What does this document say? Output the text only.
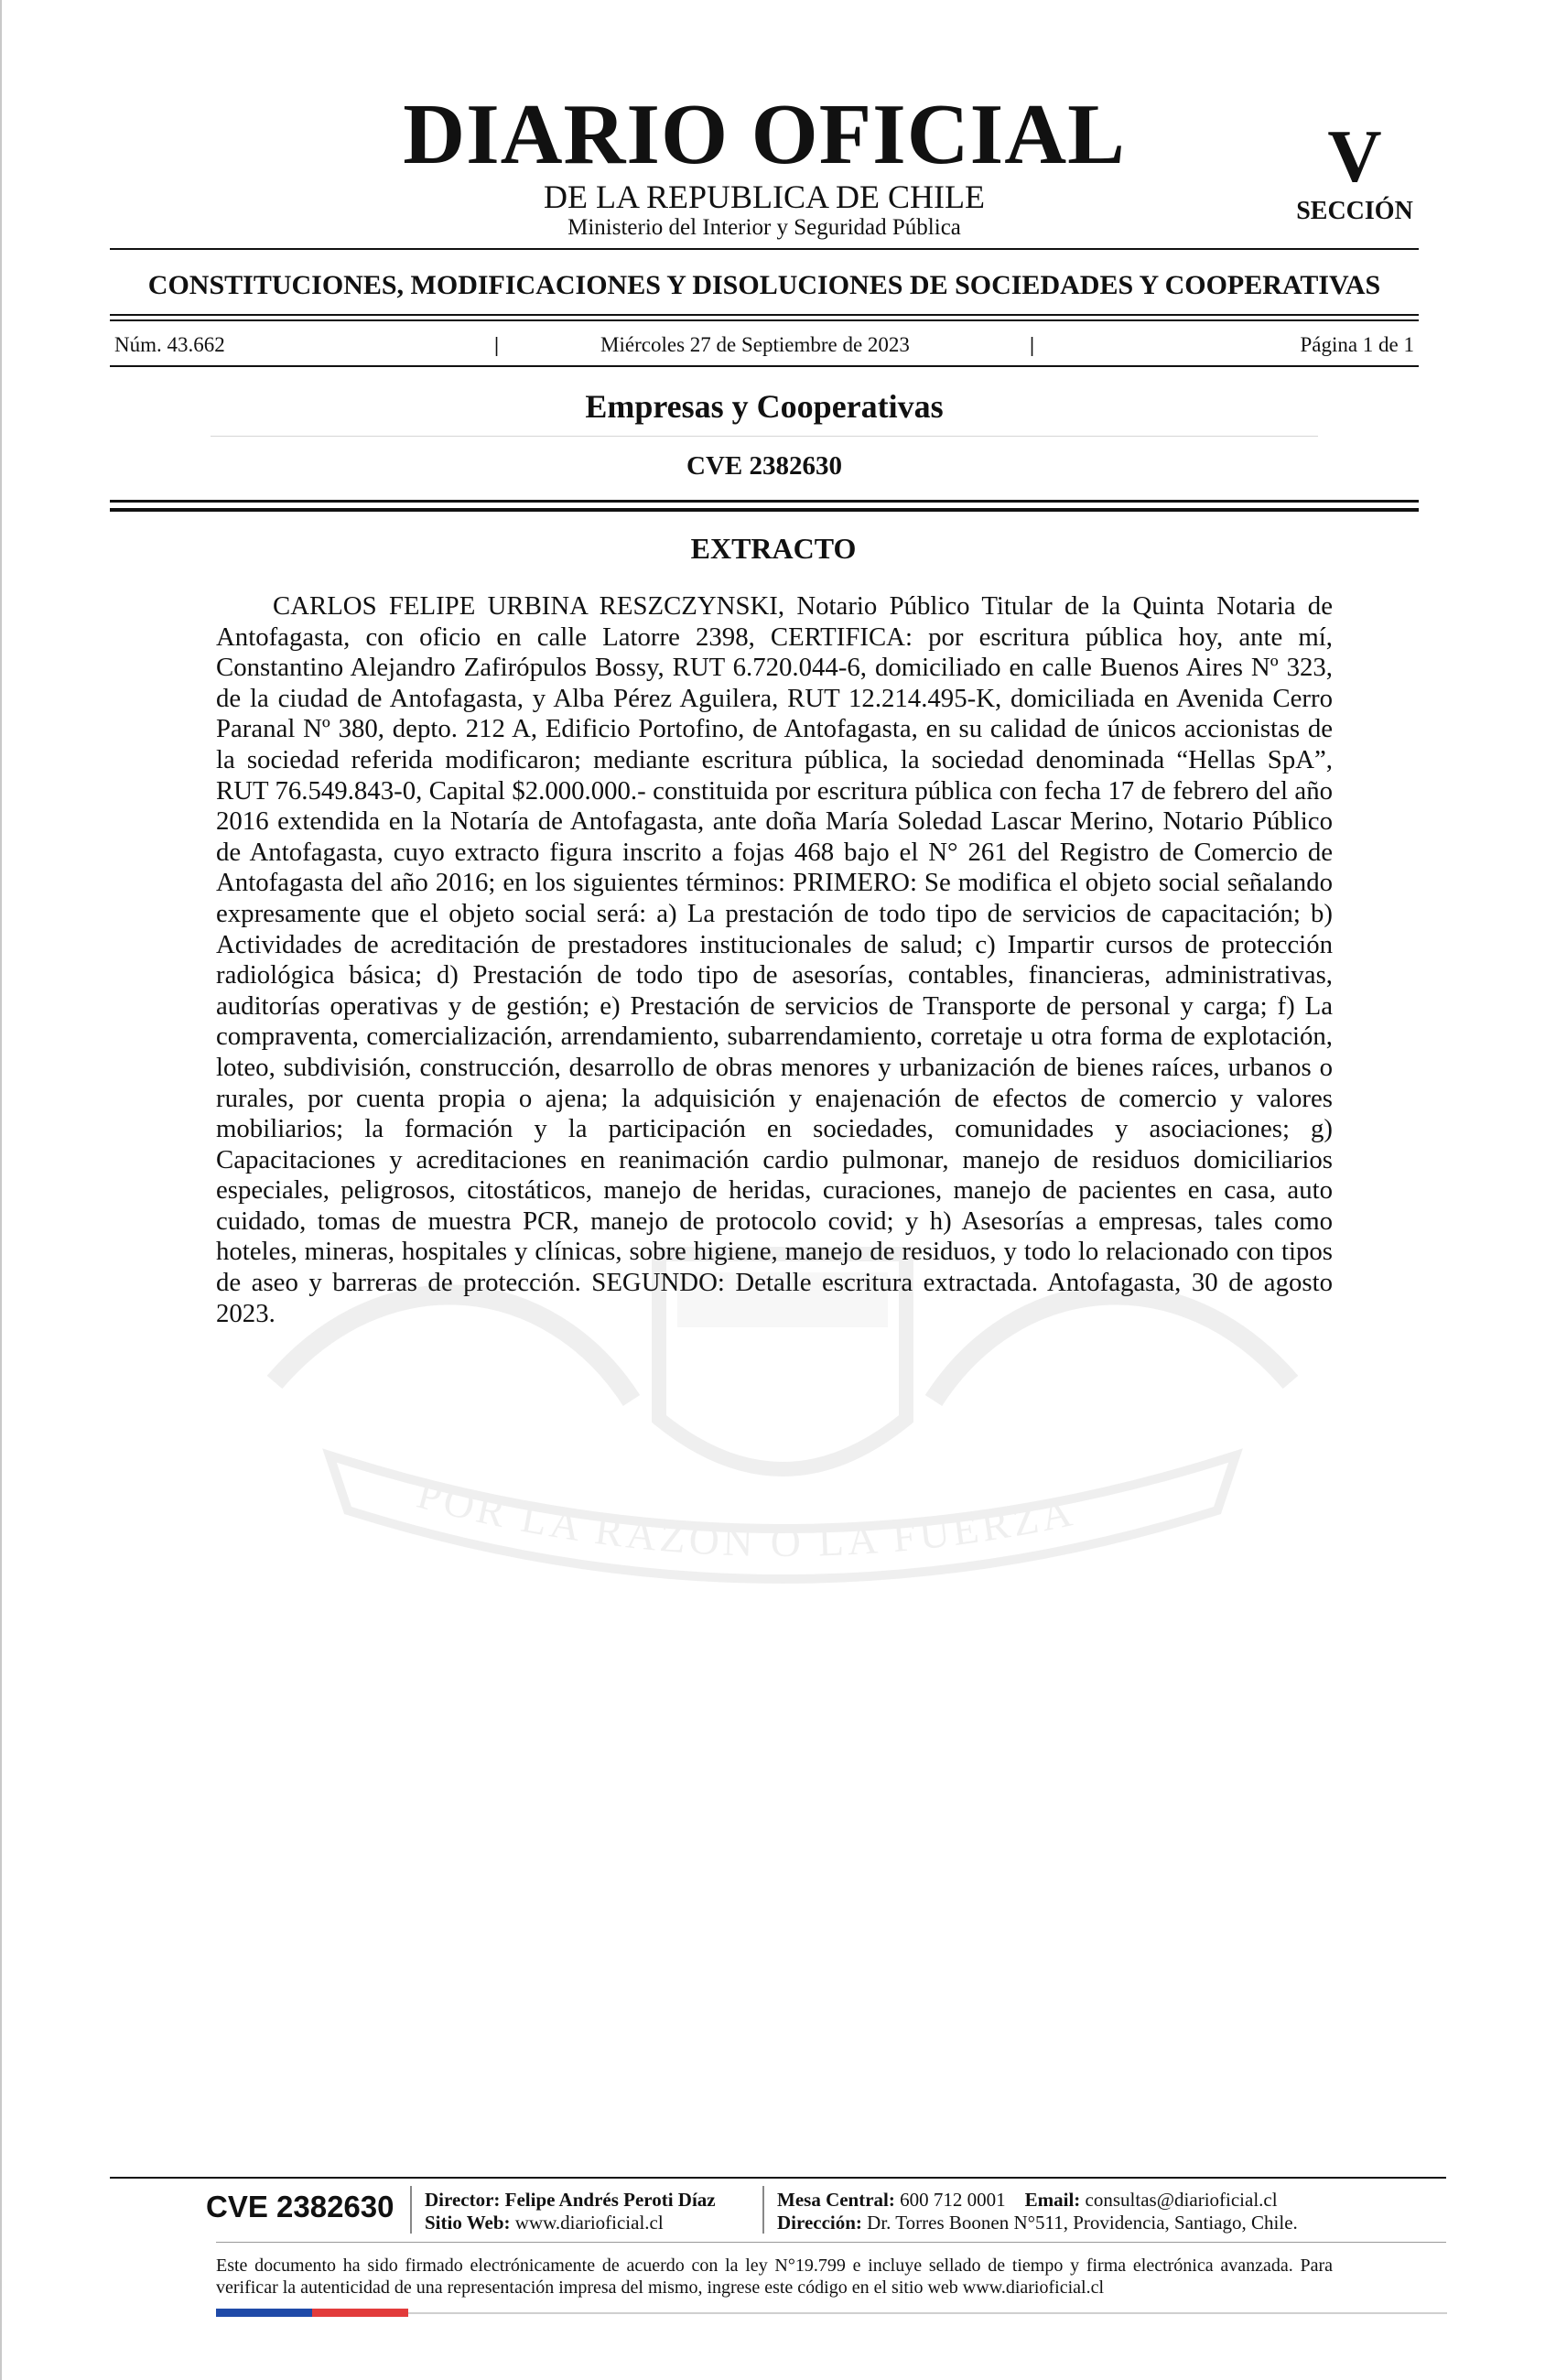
POR LA RAZON O LA FUERZA
DIARIO OFICIAL
DE LA REPUBLICA DE CHILE
Ministerio del Interior y Seguridad Pública
V
SECCIÓN
CONSTITUCIONES, MODIFICACIONES Y DISOLUCIONES DE SOCIEDADES Y COOPERATIVAS
Núm. 43.662	|	Miércoles 27 de Septiembre de 2023	|	Página 1 de 1
Empresas y Cooperativas
CVE 2382630
EXTRACTO

CARLOS FELIPE URBINA RESZCZYNSKI, Notario Público Titular de la Quinta Notaria de Antofagasta, con oficio en calle Latorre 2398, CERTIFICA: por escritura pública hoy, ante mí, Constantino Alejandro Zafirópulos Bossy, RUT 6.720.044-6, domiciliado en calle Buenos Aires Nº 323, de la ciudad de Antofagasta, y Alba Pérez Aguilera, RUT 12.214.495-K, domiciliada en Avenida Cerro Paranal Nº 380, depto. 212 A, Edificio Portofino, de Antofagasta, en su calidad de únicos accionistas de la sociedad referida modificaron; mediante escritura pública, la sociedad denominada “Hellas SpA”, RUT 76.549.843-0, Capital $2.000.000.- constituida por escritura pública con fecha 17 de febrero del año 2016 extendida en la Notaría de Antofagasta, ante doña María Soledad Lascar Merino, Notario Público de Antofagasta, cuyo extracto figura inscrito a fojas 468 bajo el N° 261 del Registro de Comercio de Antofagasta del año 2016; en los siguientes términos: PRIMERO: Se modifica el objeto social señalando expresamente que el objeto social será: a) La prestación de todo tipo de servicios de capacitación; b) Actividades de acreditación de prestadores institucionales de salud; c) Impartir cursos de protección radiológica básica; d) Prestación de todo tipo de asesorías, contables, financieras, administrativas, auditorías operativas y de gestión; e) Prestación de servicios de Transporte de personal y carga; f) La compraventa, comercialización, arrendamiento, subarrendamiento, corretaje u otra forma de explotación, loteo, subdivisión, construcción, desarrollo de obras menores y urbanización de bienes raíces, urbanos o rurales, por cuenta propia o ajena; la adquisición y enajenación de efectos de comercio y valores mobiliarios; la formación y la participación en sociedades, comunidades y asociaciones; g) Capacitaciones y acreditaciones en reanimación cardio pulmonar, manejo de residuos domiciliarios especiales, peligrosos, citostáticos, manejo de heridas, curaciones, manejo de pacientes en casa, auto cuidado, tomas de muestra PCR, manejo de protocolo covid; y h) Asesorías a empresas, tales como hoteles, mineras, hospitales y clínicas, sobre higiene, manejo de residuos, y todo lo relacionado con tipos de aseo y barreras de protección. SEGUNDO: Detalle escritura extractada. Antofagasta, 30 de agosto 2023.

CVE 2382630 Director: Felipe Andrés Peroti Díaz
Sitio Web: www.diarioficial.cl
Mesa Central: 600 712 0001 Email: consultas@diarioficial.cl
Dirección: Dr. Torres Boonen N°511, Providencia, Santiago, Chile.

Este documento ha sido firmado electrónicamente de acuerdo con la ley N°19.799 e incluye sellado de tiempo y firma electrónica avanzada. Para verificar la autenticidad de una representación impresa del mismo, ingrese este código en el sitio web www.diarioficial.cl
